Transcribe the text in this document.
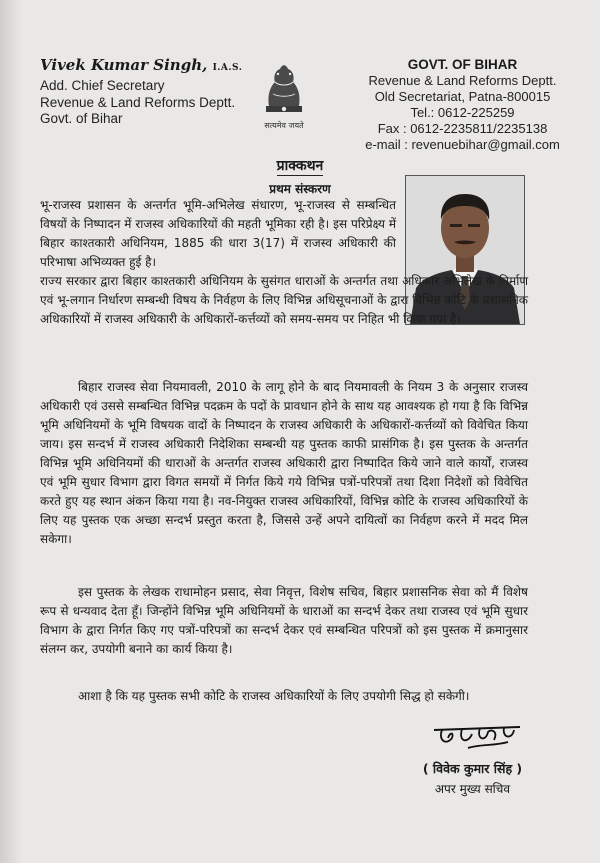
Vivek Kumar Singh, I.A.S.
Add. Chief Secretary
Revenue & Land Reforms Deptt.
Govt. of Bihar	सत्यमेव जयते
GOVT. OF BIHAR
Revenue & Land Reforms Deptt.
Old Secretariat, Patna-800015
Tel.: 0612-225259
Fax : 0612-2235811/2235138
e-mail : revenuebihar@gmail.com
प्राक्कथन
प्रथम संस्करण
भू-राजस्व प्रशासन के अन्तर्गत भूमि-अभिलेख संधारण, भू-राजस्व से सम्बन्धित विषयों के निष्पादन में राजस्व अधिकारियों की महती भूमिका रही है। इस परिप्रेक्ष्य में बिहार काश्तकारी अधिनियम, 1885 की धारा 3(17) में राजस्व अधिकारी की परिभाषा अभिव्यक्त हुई है।
राज्य सरकार द्वारा बिहार काश्तकारी अधिनियम के सुसंगत धाराओं के अन्तर्गत तथा अधिकार अभिलेख के निर्माण एवं भू-लगान निर्धारण सम्बन्धी विषय के निर्वहण के लिए विभिन्न अधिसूचनाओं के द्वारा विभिन्न कोटि के प्रशासनिक अधिकारियों में राजस्व अधिकारी के अधिकारों-कर्त्तव्यों को समय-समय पर निहित भी किया गया है।
बिहार राजस्व सेवा नियमावली, 2010 के लागू होने के बाद नियमावली के नियम 3 के अनुसार राजस्व अधिकारी एवं उससे सम्बन्धित विभिन्न पदक्रम के पदों के प्रावधान होने के साथ यह आवश्यक हो गया है कि विभिन्न भूमि अधिनियमों के भूमि विषयक वादों के निष्पादन के राजस्व अधिकारी के अधिकारों-कर्त्तव्यों को विवेचित किया जाय। इस सन्दर्भ में राजस्व अधिकारी निदेशिका सम्बन्धी यह पुस्तक काफी प्रासंगिक है। इस पुस्तक के अन्तर्गत विभिन्न भूमि अधिनियमों की धाराओं के अन्तर्गत राजस्व अधिकारी द्वारा निष्पादित किये जाने वाले कार्यों, राजस्व एवं भूमि सुधार विभाग द्वारा विगत समयों में निर्गत किये गये विभिन्न पत्रों-परिपत्रों तथा दिशा निदेशों को विवेचित करते हुए यह स्थान अंकन किया गया है। नव-नियुक्त राजस्व अधिकारियों, विभिन्न कोटि के राजस्व अधिकारियों के लिए यह पुस्तक एक अच्छा सन्दर्भ प्रस्तुत करता है, जिससे उन्हें अपने दायित्वों का निर्वहण करने में मदद मिल सकेगा।
इस पुस्तक के लेखक राधामोहन प्रसाद, सेवा निवृत्त, विशेष सचिव, बिहार प्रशासनिक सेवा को मैं विशेष रूप से धन्यवाद देता हूँ। जिन्होंने विभिन्न भूमि अधिनियमों के धाराओं का सन्दर्भ देकर तथा राजस्व एवं भूमि सुधार विभाग के द्वारा निर्गत किए गए पत्रों-परिपत्रों का सन्दर्भ देकर एवं सम्बन्धित परिपत्रों को इस पुस्तक में क्रमानुसार संलग्न कर, उपयोगी बनाने का कार्य किया है।
आशा है कि यह पुस्तक सभी कोटि के राजस्व अधिकारियों के लिए उपयोगी सिद्ध हो सकेगी।
( विवेक कुमार सिंह )
अपर मुख्य सचिव
